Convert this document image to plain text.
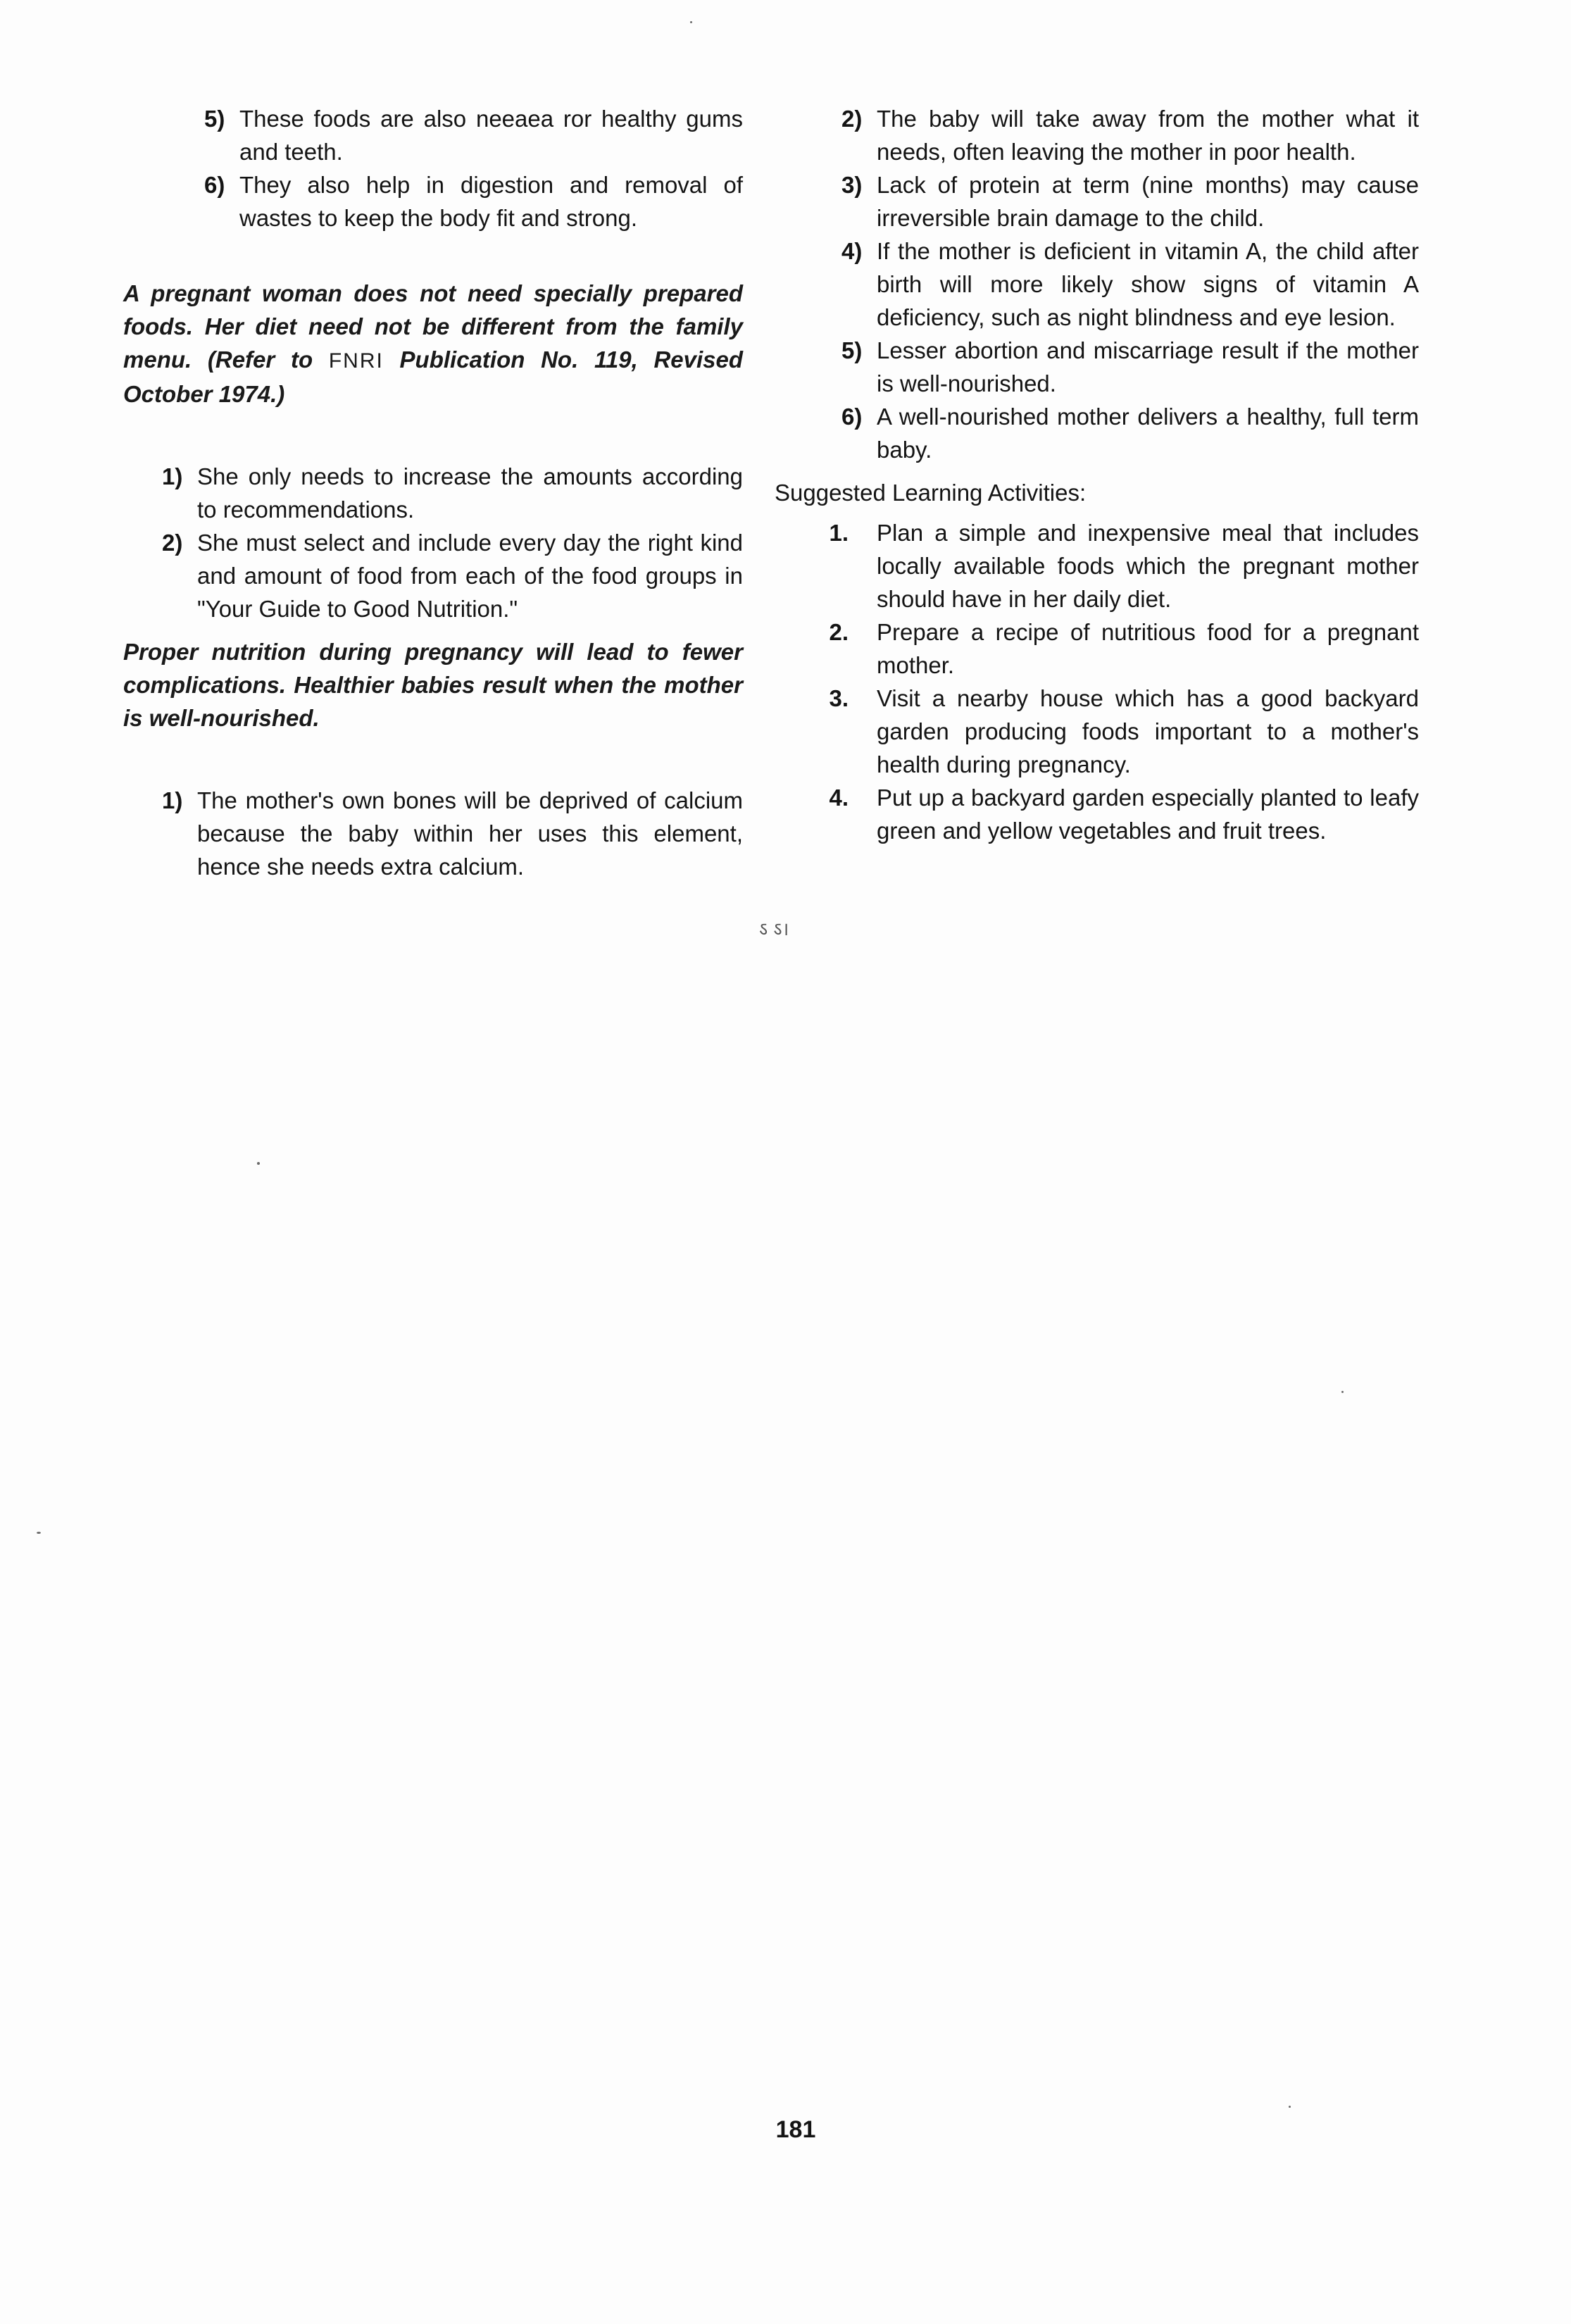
5) These foods are also neeaea ror healthy gums and teeth.
6) They also help in digestion and removal of wastes to keep the body fit and strong.

A pregnant woman does not need specially prepared foods. Her diet need not be different from the family menu. (Refer to FNRI Publication No. 119, Revised October 1974.)

1) She only needs to increase the amounts according to recommendations.
2) She must select and include every day the right kind and amount of food from each of the food groups in "Your Guide to Good Nutrition."

Proper nutrition during pregnancy will lead to fewer complications. Healthier babies result when the mother is well-nourished.

1) The mother's own bones will be deprived of calcium because the baby within her uses this element, hence she needs extra calcium.
2) The baby will take away from the mother what it needs, often leaving the mother in poor health.
3) Lack of protein at term (nine months) may cause irreversible brain damage to the child.
4) If the mother is deficient in vitamin A, the child after birth will more likely show signs of vitamin A deficiency, such as night blindness and eye lesion.
5) Lesser abortion and miscarriage result if the mother is well-nourished.
6) A well-nourished mother delivers a healthy, full term baby.

Suggested Learning Activities:

1.	Plan a simple and inexpensive meal that includes locally available foods which the pregnant mother should have in her daily diet.
2.	Prepare a recipe of nutritious food for a pregnant mother.
3.	Visit a nearby house which has a good backyard garden producing foods important to a mother's health during pregnancy.
4.	Put up a backyard garden especially planted to leafy green and yellow vegetables and fruit trees.
ऽ ऽ।
181
